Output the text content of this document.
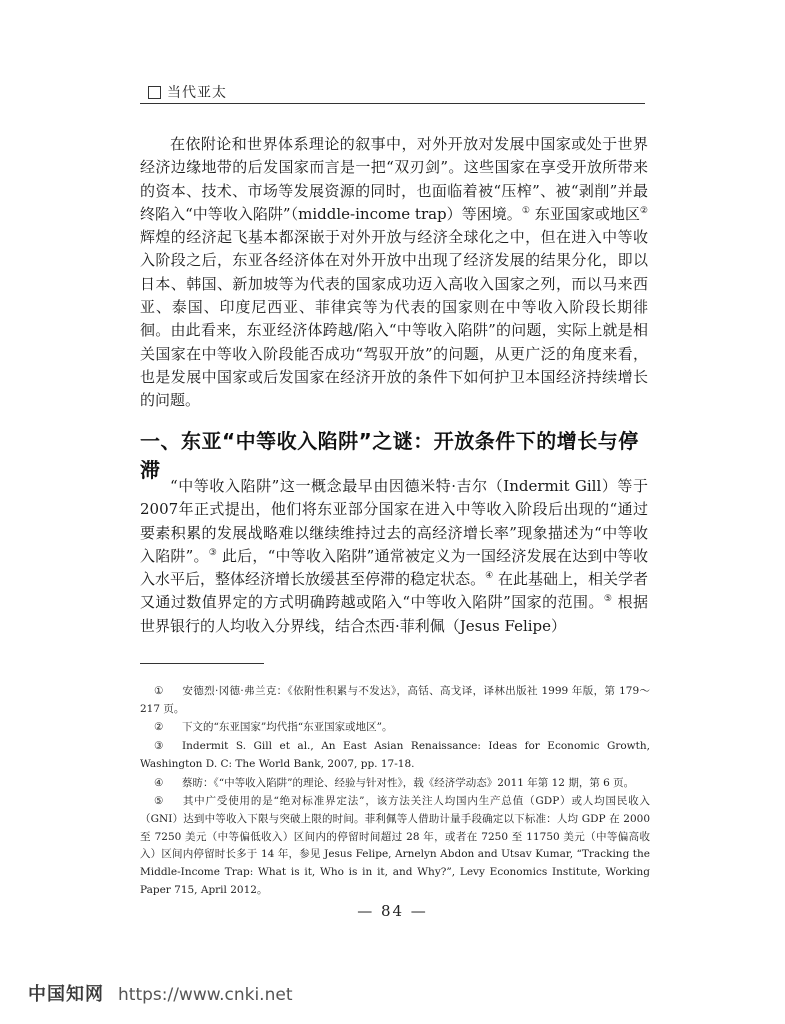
当代亚太

在依附论和世界体系理论的叙事中，对外开放对发展中国家或处于世界经济边缘地带的后发国家而言是一把“双刃剑”。这些国家在享受开放所带来的资本、技术、市场等发展资源的同时，也面临着被“压榨”、被“剥削”并最终陷入“中等收入陷阱”（middle-income trap）等困境。① 东亚国家或地区②辉煌的经济起飞基本都深嵌于对外开放与经济全球化之中，但在进入中等收入阶段之后，东亚各经济体在对外开放中出现了经济发展的结果分化，即以日本、韩国、新加坡等为代表的国家成功迈入高收入国家之列，而以马来西亚、泰国、印度尼西亚、菲律宾等为代表的国家则在中等收入阶段长期徘徊。由此看来，东亚经济体跨越/陷入“中等收入陷阱”的问题，实际上就是相关国家在中等收入阶段能否成功“驾驭开放”的问题，从更广泛的角度来看，也是发展中国家或后发国家在经济开放的条件下如何护卫本国经济持续增长的问题。

一、东亚“中等收入陷阱”之谜：开放条件下的增长与停滞

“中等收入陷阱”这一概念最早由因德米特·吉尔（Indermit Gill）等于2007年正式提出，他们将东亚部分国家在进入中等收入阶段后出现的“通过要素积累的发展战略难以继续维持过去的高经济增长率”现象描述为“中等收入陷阱”。③ 此后，“中等收入陷阱”通常被定义为一国经济发展在达到中等收入水平后，整体经济增长放缓甚至停滞的稳定状态。④ 在此基础上，相关学者又通过数值界定的方式明确跨越或陷入“中等收入陷阱”国家的范围。⑤ 根据世界银行的人均收入分界线，结合杰西·菲利佩（Jesus Felipe）

① 安德烈·冈德·弗兰克：《依附性积累与不发达》，高铦、高戈译，译林出版社 1999 年版，第 179～217 页。

② 下文的“东亚国家”均代指“东亚国家或地区”。

③ Indermit S. Gill et al., An East Asian Renaissance: Ideas for Economic Growth, Washington D. C: The World Bank, 2007, pp. 17-18.

④ 蔡昉：《“中等收入陷阱”的理论、经验与针对性》，载《经济学动态》2011 年第 12 期，第 6 页。

⑤ 其中广受使用的是“绝对标准界定法”，该方法关注人均国内生产总值（GDP）或人均国民收入（GNI）达到中等收入下限与突破上限的时间。菲利佩等人借助计量手段确定以下标准：人均 GDP 在 2000 至 7250 美元（中等偏低收入）区间内的停留时间超过 28 年，或者在 7250 至 11750 美元（中等偏高收入）区间内停留时长多于 14 年，参见 Jesus Felipe, Arnelyn Abdon and Utsav Kumar, “Tracking the Middle-Income Trap: What is it, Who is in it, and Why?”, Levy Economics Institute, Working Paper 715, April 2012。

— 84 —
中国知网 https://www.cnki.net
